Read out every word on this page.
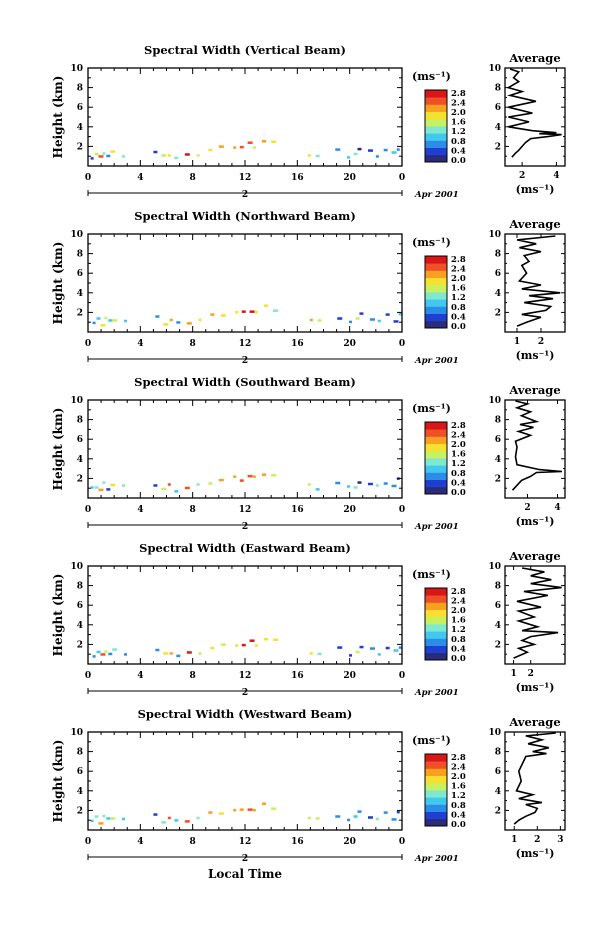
Spectral Width (Vertical Beam)
2
4
6
8
10
Height (km)
0	4	8	12	16	20	0
2	Apr 2001
0.0
0.4
0.8
1.2
1.6
2.0
2.4
2.8
(ms⁻¹)
Average
2
4
6
8
10
2	4
(ms⁻¹)
Spectral Width (Northward Beam)
2
4
6
8
10
Height (km)
0	4	8	12	16	20	0
2	Apr 2001
0.0
0.4
0.8
1.2
1.6
2.0
2.4
2.8
(ms⁻¹)
Average
2
4
6
8
10
1 2
(ms⁻¹)
Spectral Width (Southward Beam)
2
4
6
8
10
Height (km)
0	4	8	12	16	20	0
2	Apr 2001
0.0
0.4
0.8
1.2
1.6
2.0
2.4
2.8
(ms⁻¹)
Average
2
4
6
8
10
2	4
(ms⁻¹)
Spectral Width (Eastward Beam)
2
4
6
8
10
Height (km)
0	4	8	12	16	20	0
2	Apr 2001
0.0
0.4
0.8
1.2
1.6
2.0
2.4
2.8
(ms⁻¹)
Average
2
4
6
8
10
1 2
(ms⁻¹)
Spectral Width (Westward Beam)
2
4
6
8
10
Height (km)
0	4	8	12	16	20	0
2	Apr 2001
0.0
0.4
0.8
1.2
1.6
2.0
2.4
2.8
(ms⁻¹)
Average
2
4
6
8
10
1 2 3
(ms⁻¹)
Local Time
